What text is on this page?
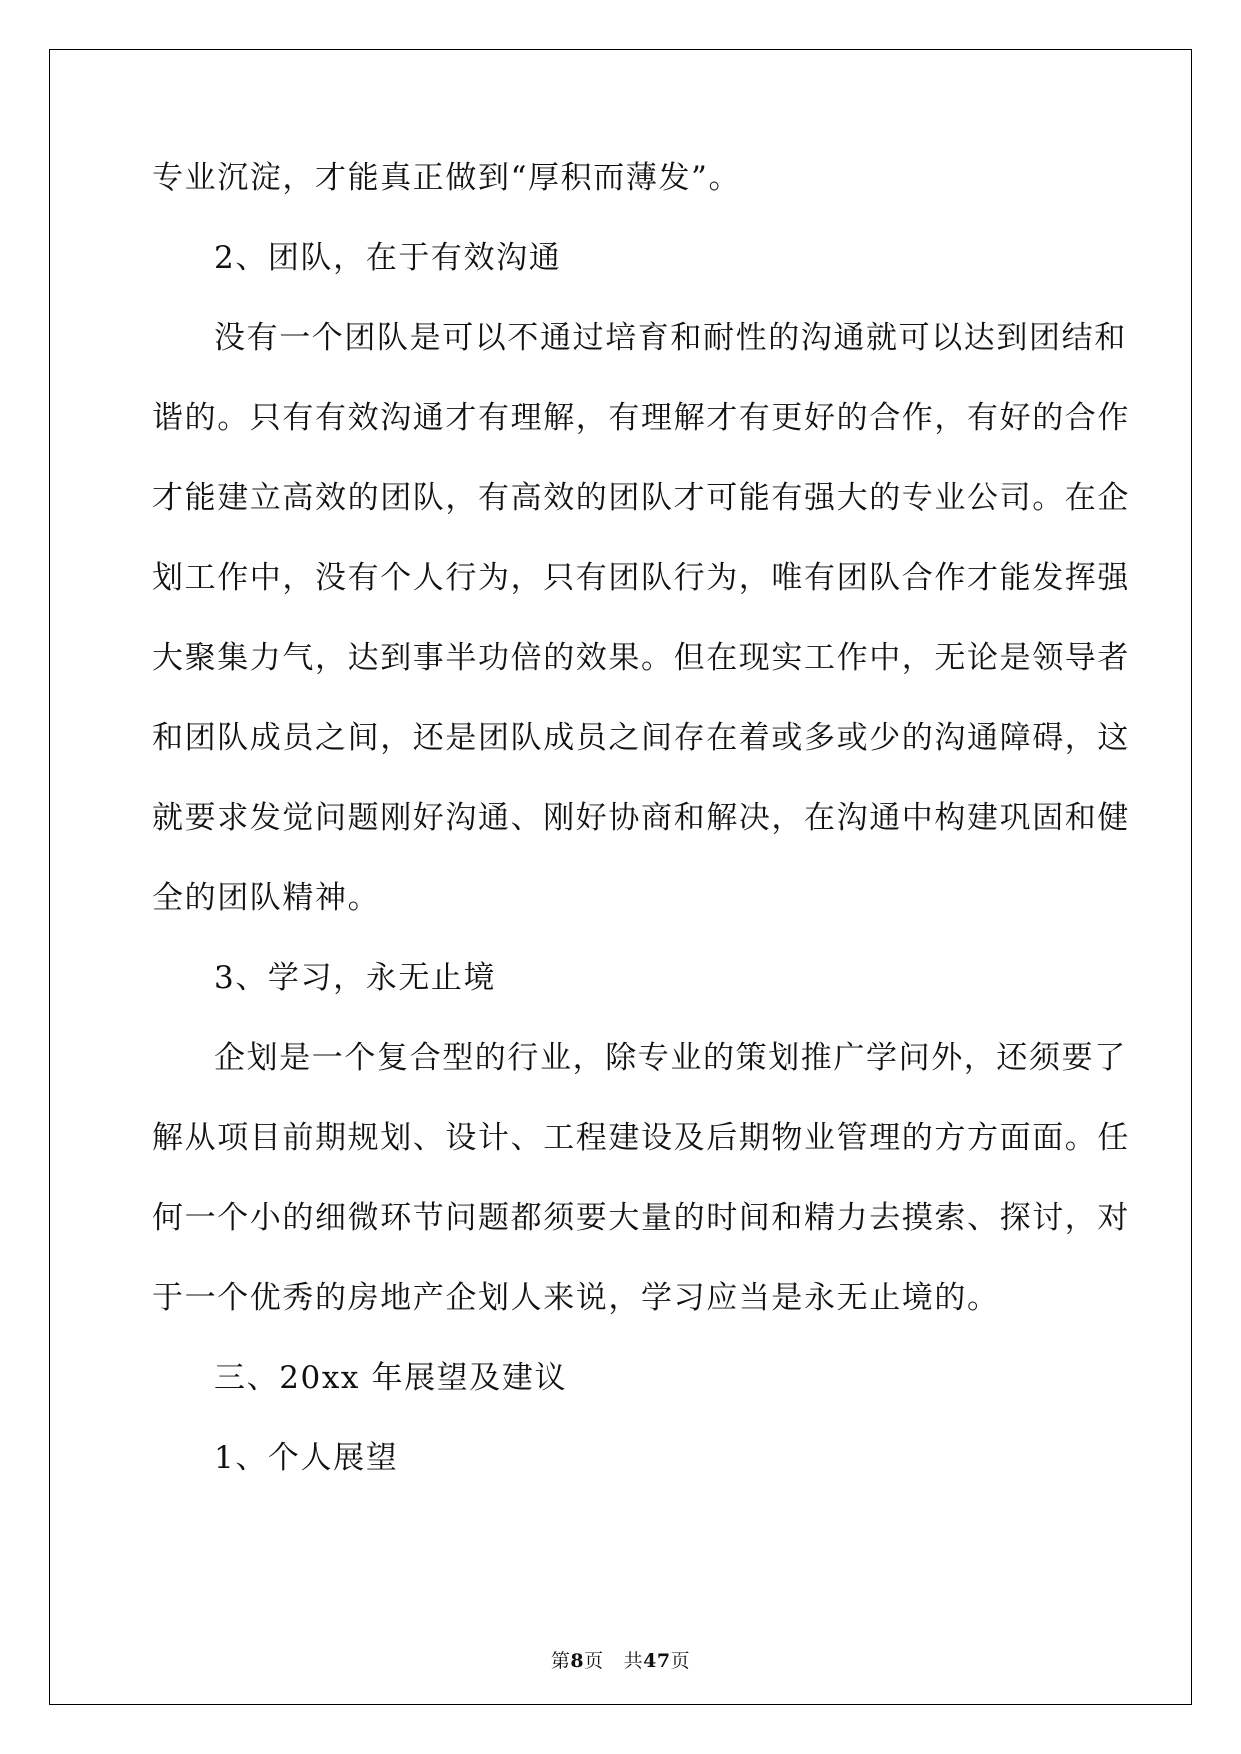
专业沉淀，才能真正做到“厚积而薄发”。
2、团队，在于有效沟通
没有一个团队是可以不通过培育和耐性的沟通就可以达到团结和
谐的。只有有效沟通才有理解，有理解才有更好的合作，有好的合作
才能建立高效的团队，有高效的团队才可能有强大的专业公司。在企
划工作中，没有个人行为，只有团队行为，唯有团队合作才能发挥强
大聚集力气，达到事半功倍的效果。但在现实工作中，无论是领导者
和团队成员之间，还是团队成员之间存在着或多或少的沟通障碍，这
就要求发觉问题刚好沟通、刚好协商和解决，在沟通中构建巩固和健
全的团队精神。
3、学习，永无止境
企划是一个复合型的行业，除专业的策划推广学问外，还须要了
解从项目前期规划、设计、工程建设及后期物业管理的方方面面。任
何一个小的细微环节问题都须要大量的时间和精力去摸索、探讨，对
于一个优秀的房地产企划人来说，学习应当是永无止境的。
三、20xx 年展望及建议
1、个人展望
第8页 共47页
